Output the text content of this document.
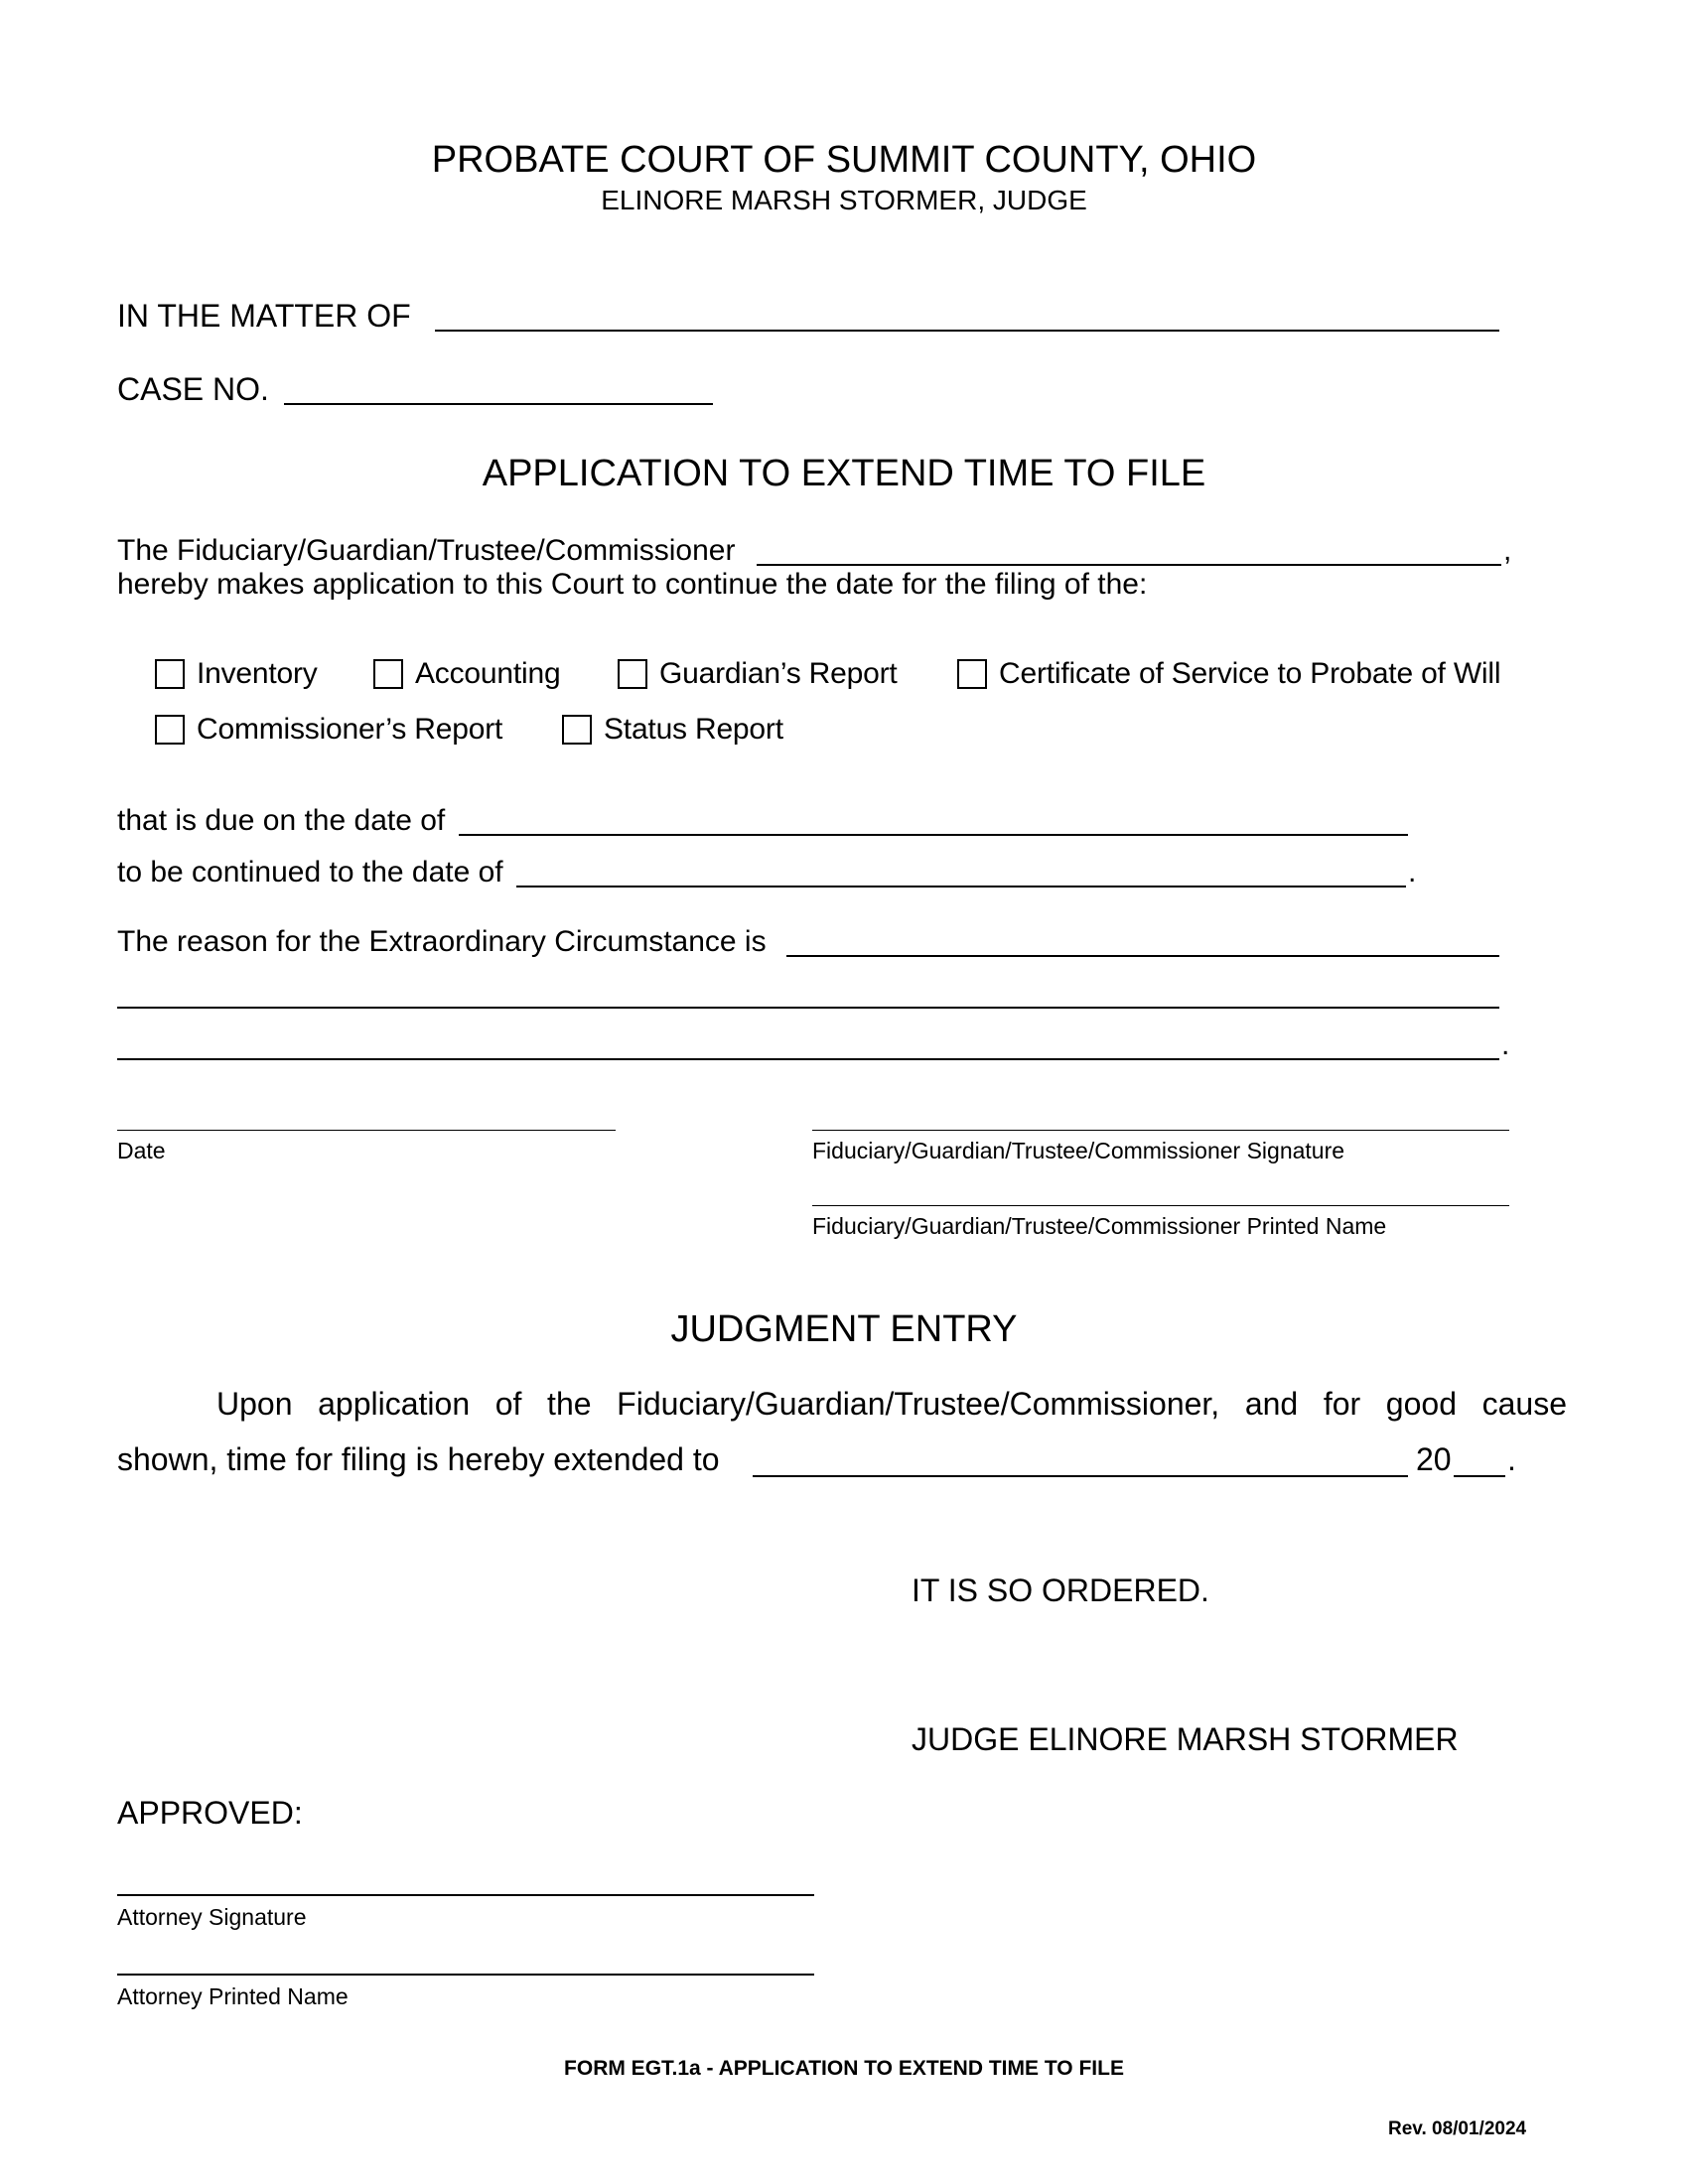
PROBATE COURT OF SUMMIT COUNTY, OHIO
ELINORE MARSH STORMER, JUDGE
IN THE MATTER OF
CASE NO.
APPLICATION TO EXTEND TIME TO FILE
The Fiduciary/Guardian/Trustee/Commissioner	,
hereby makes application to this Court to continue the date for the filing of the:
Inventory	Accounting	Guardian’s Report	Certificate of Service to Probate of Will
Commissioner’s Report	Status Report
that is due on the date of
to be continued to the date of	.
The reason for the Extraordinary Circumstance is
.
Date	Fiduciary/Guardian/Trustee/Commissioner Signature
Fiduciary/Guardian/Trustee/Commissioner Printed Name
JUDGMENT ENTRY
Upon application of the Fiduciary/Guardian/Trustee/Commissioner, and for good cause
shown, time for filing is hereby extended to	20 .
IT IS SO ORDERED.
JUDGE ELINORE MARSH STORMER
APPROVED:
Attorney Signature
Attorney Printed Name
FORM EGT.1a - APPLICATION TO EXTEND TIME TO FILE
Rev. 08/01/2024
